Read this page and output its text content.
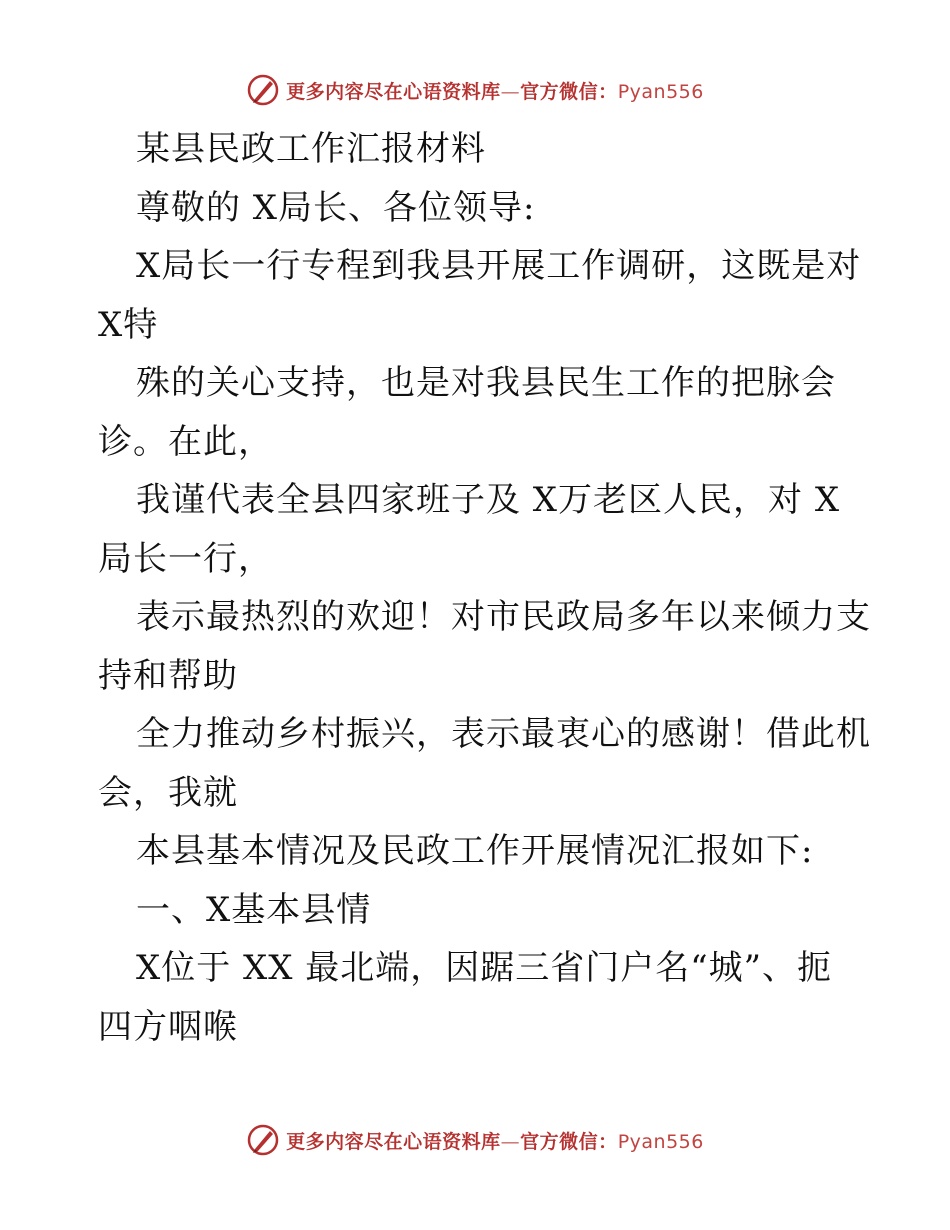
更多内容尽在心语资料库—官方微信：Pyan556
某县民政工作汇报材料
尊敬的 X局长、各位领导:
X局长一行专程到我县开展工作调研，这既是对
X特
殊的关心支持，也是对我县民生工作的把脉会
诊。在此，
我谨代表全县四家班子及 X万老区人民，对 X
局长一行，
表示最热烈的欢迎！对市民政局多年以来倾力支
持和帮助
全力推动乡村振兴，表示最衷心的感谢！借此机
会，我就
本县基本情况及民政工作开展情况汇报如下:
一、X基本县情
X位于 XX 最北端，因踞三省门户名“城”、扼
四方咽喉
更多内容尽在心语资料库—官方微信：Pyan556
